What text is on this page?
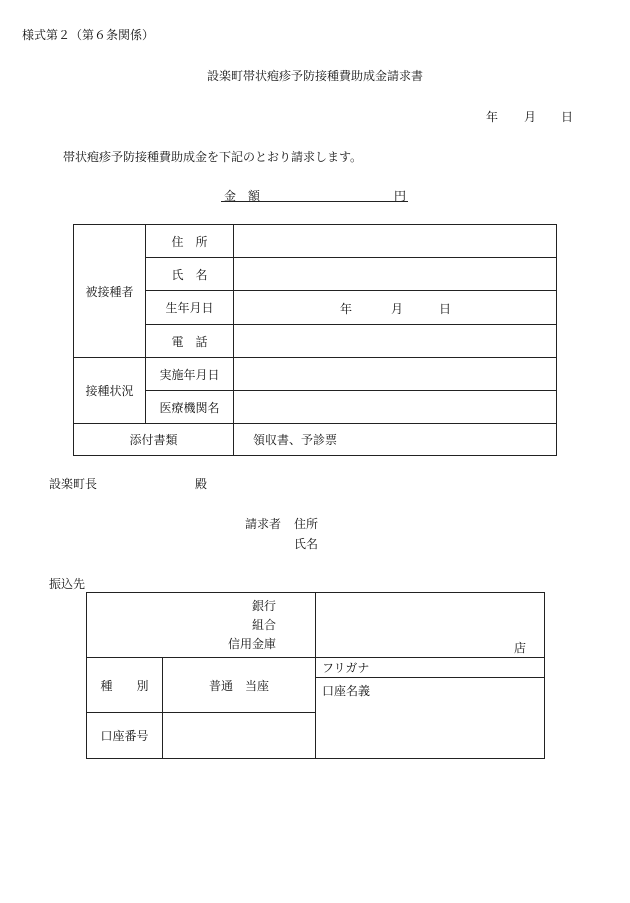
様式第２（第６条関係）
設楽町帯状疱疹予防接種費助成金請求書
年 月 日
帯状疱疹予防接種費助成金を下記のとおり請求します。
金　額	円
被接種者	住　所	
	氏　名	
	生年月日	年 月 日

	電　話	
接種状況	実施年月日	
	医療機関名	
添付書類		領収書、予診票
設楽町長	殿
請求者 住所
氏名
振込先
銀行
組合
信用金庫		店

種　　別	普通　当座	フリガナ
		口座名義
口座番号		
